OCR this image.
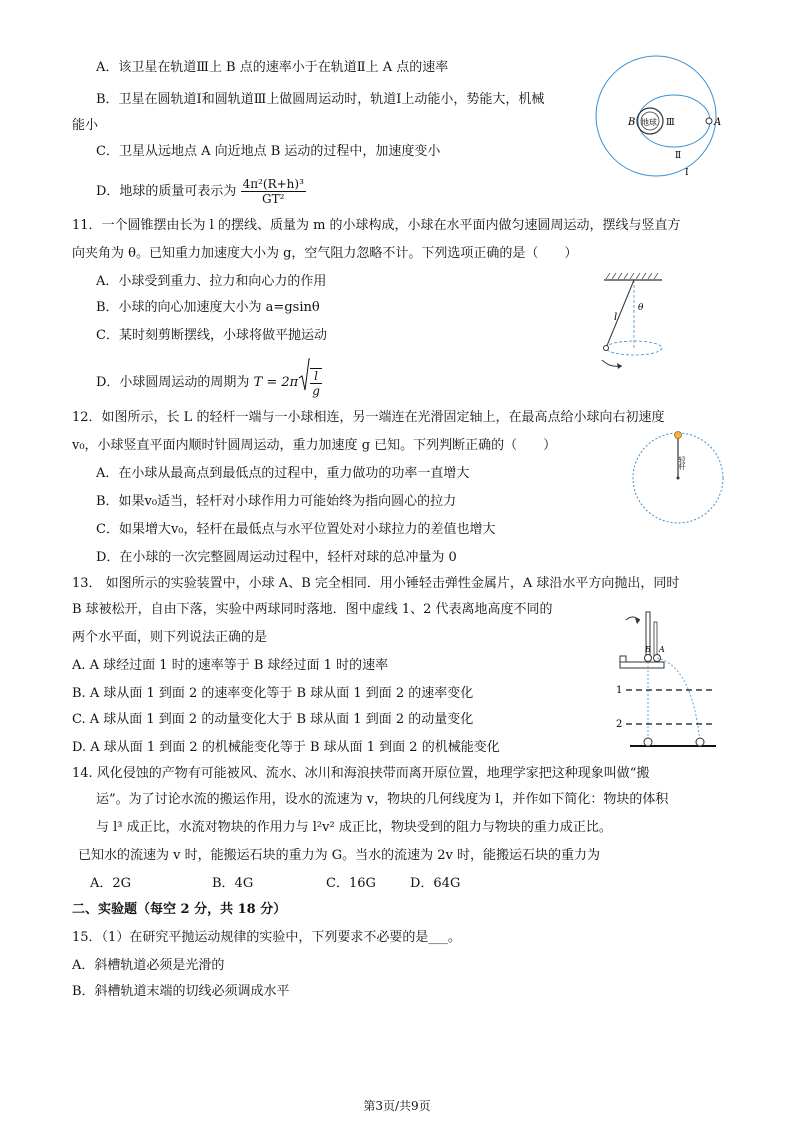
A．该卫星在轨道Ⅲ上 B 点的速率小于在轨道Ⅱ上 A 点的速率
B．卫星在圆轨道Ⅰ和圆轨道Ⅲ上做圆周运动时，轨道Ⅰ上动能小，势能大，机械
能小
C．卫星从远地点 A 向近地点 B 运动的过程中，加速度变小
D．地球的质量可表示为 $\frac{\text{4π²(R+h)³}}{\text{GT²}}$
B 地球 Ⅲ	A
Ⅱ
Ⅰ
11．一个圆锥摆由长为 l 的摆线、质量为 m 的小球构成，小球在水平面内做匀速圆周运动，摆线与竖直方
向夹角为 θ。已知重力加速度大小为 g，空气阻力忽略不计。下列选项正确的是（　　）
A．小球受到重力、拉力和向心力的作用
B．小球的向心加速度大小为 a=gsinθ
C．某时刻剪断摆线，小球将做平抛运动
D．小球圆周运动的周期为 $T = 2\pi \frac{l}{g}$
l
θ
12．如图所示，长 L 的轻杆一端与一小球相连，另一端连在光滑固定轴上，在最高点给小球向右初速度
v₀，小球竖直平面内顺时针圆周运动，重力加速度 g 已知。下列判断正确的（　　）
A．在小球从最高点到最低点的过程中，重力做功的功率一直增大
B．如果v₀适当，轻杆对小球作用力可能始终为指向圆心的拉力
C．如果增大v₀，轻杆在最低点与水平位置处对小球拉力的差值也增大
D．在小球的一次完整圆周运动过程中，轻杆对球的总冲量为 0
轻杆
13． 如图所示的实验装置中，小球 A、B 完全相同．用小锤轻击弹性金属片，A 球沿水平方向抛出，同时
B 球被松开，自由下落，实验中两球同时落地．图中虚线 1、2 代表离地高度不同的
两个水平面，则下列说法正确的是
A. A 球经过面 1 时的速率等于 B 球经过面 1 时的速率
B. A 球从面 1 到面 2 的速率变化等于 B 球从面 1 到面 2 的速率变化
C. A 球从面 1 到面 2 的动量变化大于 B 球从面 1 到面 2 的动量变化
D. A 球从面 1 到面 2 的机械能变化等于 B 球从面 1 到面 2 的机械能变化
B A
1
2
14. 风化侵蚀的产物有可能被风、流水、冰川和海浪挟带而离开原位置，地理学家把这种现象叫做“搬
运”。为了讨论水流的搬运作用，设水的流速为 v，物块的几何线度为 l，并作如下简化：物块的体积
与 l³ 成正比，水流对物块的作用力与 l²v² 成正比，物块受到的阻力与物块的重力成正比。
已知水的流速为 v 时，能搬运石块的重力为 G。当水的流速为 2v 时，能搬运石块的重力为
A．2G	B．4G	C．16G	D．64G
二、实验题（每空 2 分，共 18 分）
15．（1）在研究平抛运动规律的实验中，下列要求不必要的是___。
A．斜槽轨道必须是光滑的
B．斜槽轨道末端的切线必须调成水平
第3页/共9页
